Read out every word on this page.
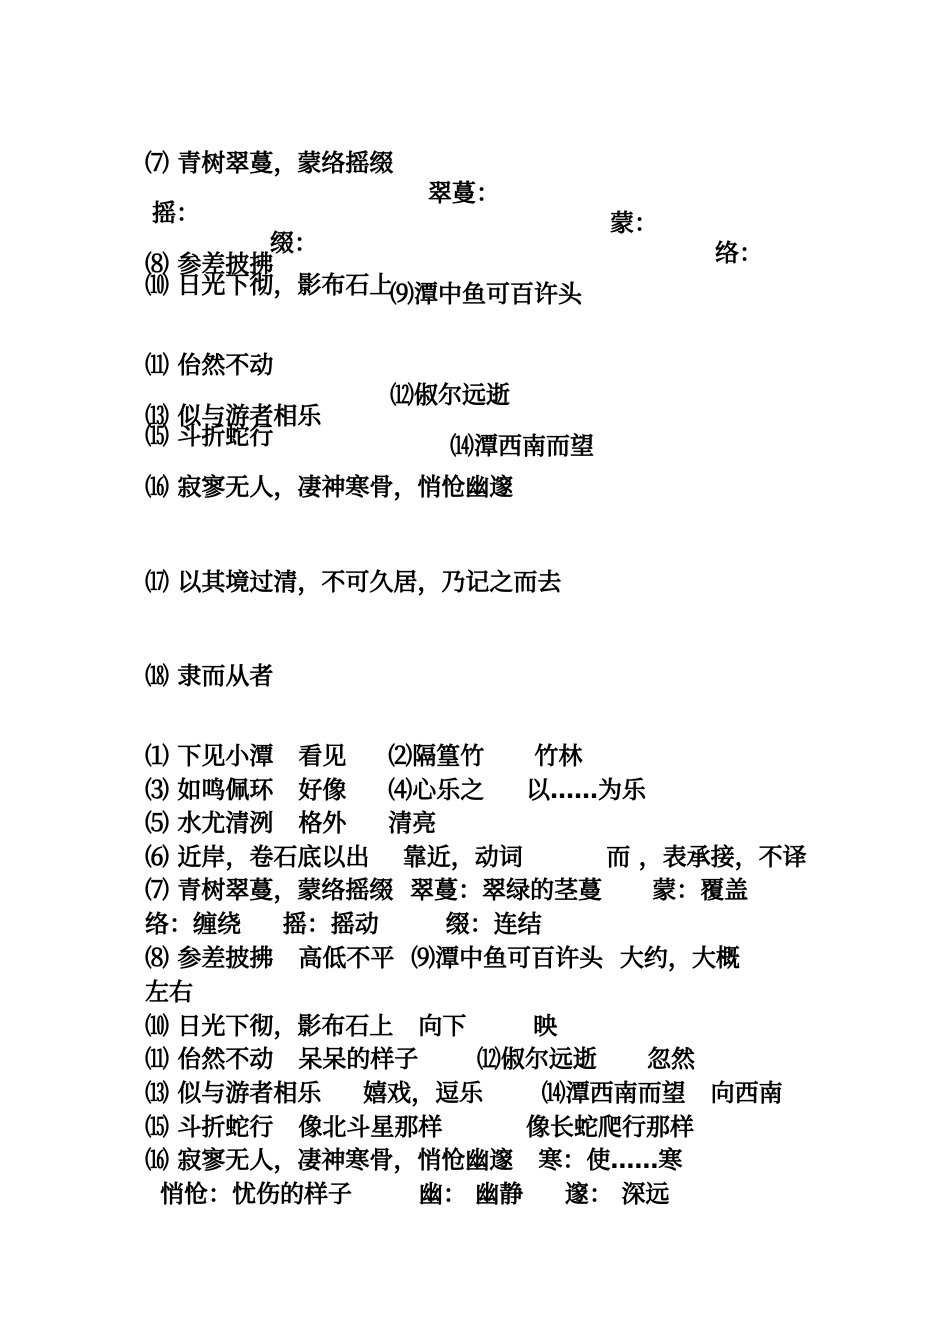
⑺ 青树翠蔓，蒙络摇缀

翠蔓：

蒙：

络：

摇：

缀：

⑻ 参差披拂

⑼潭中鱼可百许头

⑽ 日光下彻，影布石上

⑾ 佁然不动

⑿俶尔远逝

⒀ 似与游者相乐

⒁潭西南而望

⒂ 斗折蛇行
⒃ 寂寥无人，凄神寒骨，悄怆幽邃
⒄ 以其境过清，不可久居，乃记之而去
⒅ 隶而从者
⑴ 下见小潭   看见     ⑵隔篁竹      竹林
⑶ 如鸣佩环   好像     ⑷心乐之     以……为乐
⑸ 水尤清洌   格外     清亮
⑹ 近岸，卷石底以出    靠近，动词          而 ，表承接，不译
⑺ 青树翠蔓，蒙络摇缀  翠蔓：翠绿的茎蔓      蒙：覆盖
络：缠绕     摇：摇动        缀：连结
⑻ 参差披拂   高低不平  ⑼潭中鱼可百许头  大约，大概
左右
⑽ 日光下彻，影布石上   向下        映
⑾ 佁然不动   呆呆的样子       ⑿俶尔远逝      忽然
⒀ 似与游者相乐     嬉戏，逗乐       ⒁潭西南而望   向西南
⒂ 斗折蛇行   像北斗星那样          像长蛇爬行那样
⒃ 寂寥无人，凄神寒骨，悄怆幽邃   寒：使……寒
悄怆：忧伤的样子        幽： 幽静     邃： 深远
